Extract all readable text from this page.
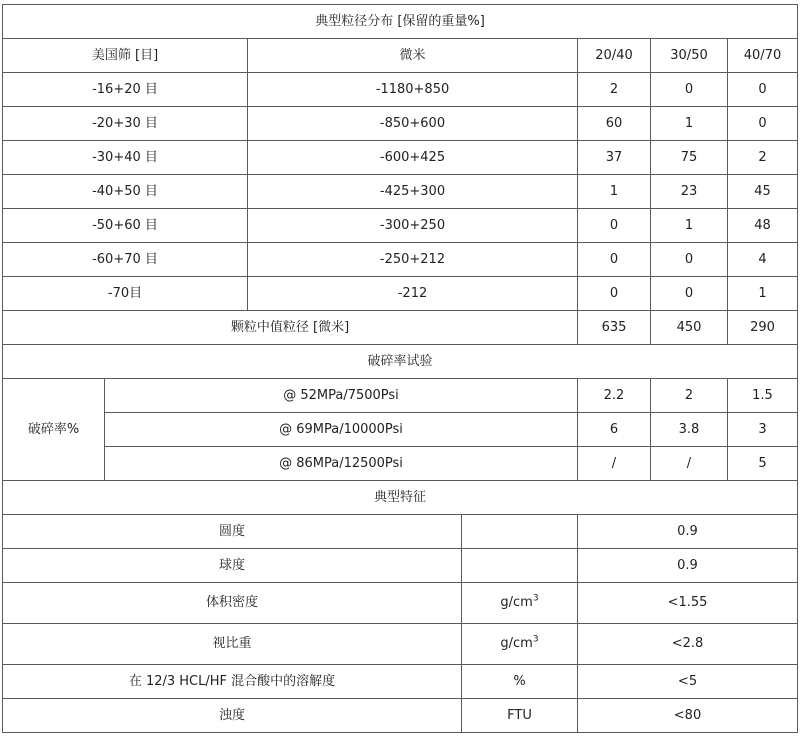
典型粒径分布 [保留的重量%]						
美国筛 [目]		微米		20/40	30/50	40/70
-16+20 目		-1180+850		2	0	0
-20+30 目		-850+600		60	1	0
-30+40 目		-600+425		37	75	2
-40+50 目		-425+300		1	23	45
-50+60 目		-300+250		0	1	48
-60+70 目		-250+212		0	0	4
-70目		-212		0	0	1
颗粒中值粒径 [微米]				635	450	290
破碎率试验						
破碎率%	@ 52MPa/7500Psi			2.2	2	1.5
	@ 69MPa/10000Psi			6	3.8	3
	@ 86MPa/12500Psi			/	/	5
典型特征						
圆度				0.9		
球度				0.9		
体积密度			$g/cm^3$	<1.55		
视比重			$g/cm^3$	<2.8		
在 12/3 HCL/HF 混合酸中的溶解度			%	<5		
浊度			FTU	<80		
